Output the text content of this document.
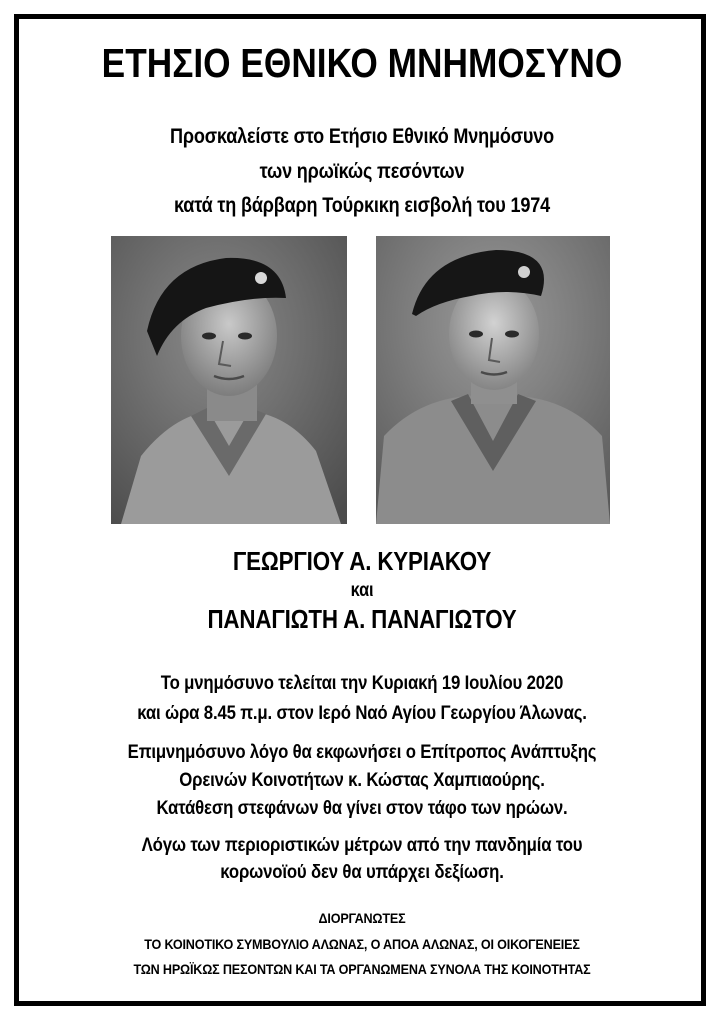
ΕΤΗΣΙΟ ΕΘΝΙΚΟ ΜΝΗΜΟΣΥΝΟ
Προσκαλείστε στο Ετήσιο Εθνικό Μνημόσυνο
των ηρωϊκώς πεσόντων
κατά τη βάρβαρη Τούρκικη εισβολή του 1974
ΓΕΩΡΓΙΟΥ Α. ΚΥΡΙΑΚΟΥ
και
ΠΑΝΑΓΙΩΤΗ Α. ΠΑΝΑΓΙΩΤΟΥ
Το μνημόσυνο τελείται την Κυριακή 19 Ιουλίου 2020
και ώρα 8.45 π.μ. στον Ιερό Ναό Αγίου Γεωργίου Άλωνας.
Επιμνημόσυνο λόγο θα εκφωνήσει ο Επίτροπος Ανάπτυξης
Ορεινών Κοινοτήτων κ. Κώστας Χαμπιαούρης.
Κατάθεση στεφάνων θα γίνει στον τάφο των ηρώων.
Λόγω των περιοριστικών μέτρων από την πανδημία του
κορωνοϊού δεν θα υπάρχει δεξίωση.
ΔΙΟΡΓΑΝΩΤΕΣ
ΤΟ ΚΟΙΝΟΤΙΚΟ ΣΥΜΒΟΥΛΙΟ ΑΛΩΝΑΣ, Ο ΑΠΟΑ ΑΛΩΝΑΣ, ΟΙ ΟΙΚΟΓΕΝΕΙΕΣ
ΤΩΝ ΗΡΩΪΚΩΣ ΠΕΣΟΝΤΩΝ ΚΑΙ ΤΑ ΟΡΓΑΝΩΜΕΝΑ ΣΥΝΟΛΑ ΤΗΣ ΚΟΙΝΟΤΗΤΑΣ
